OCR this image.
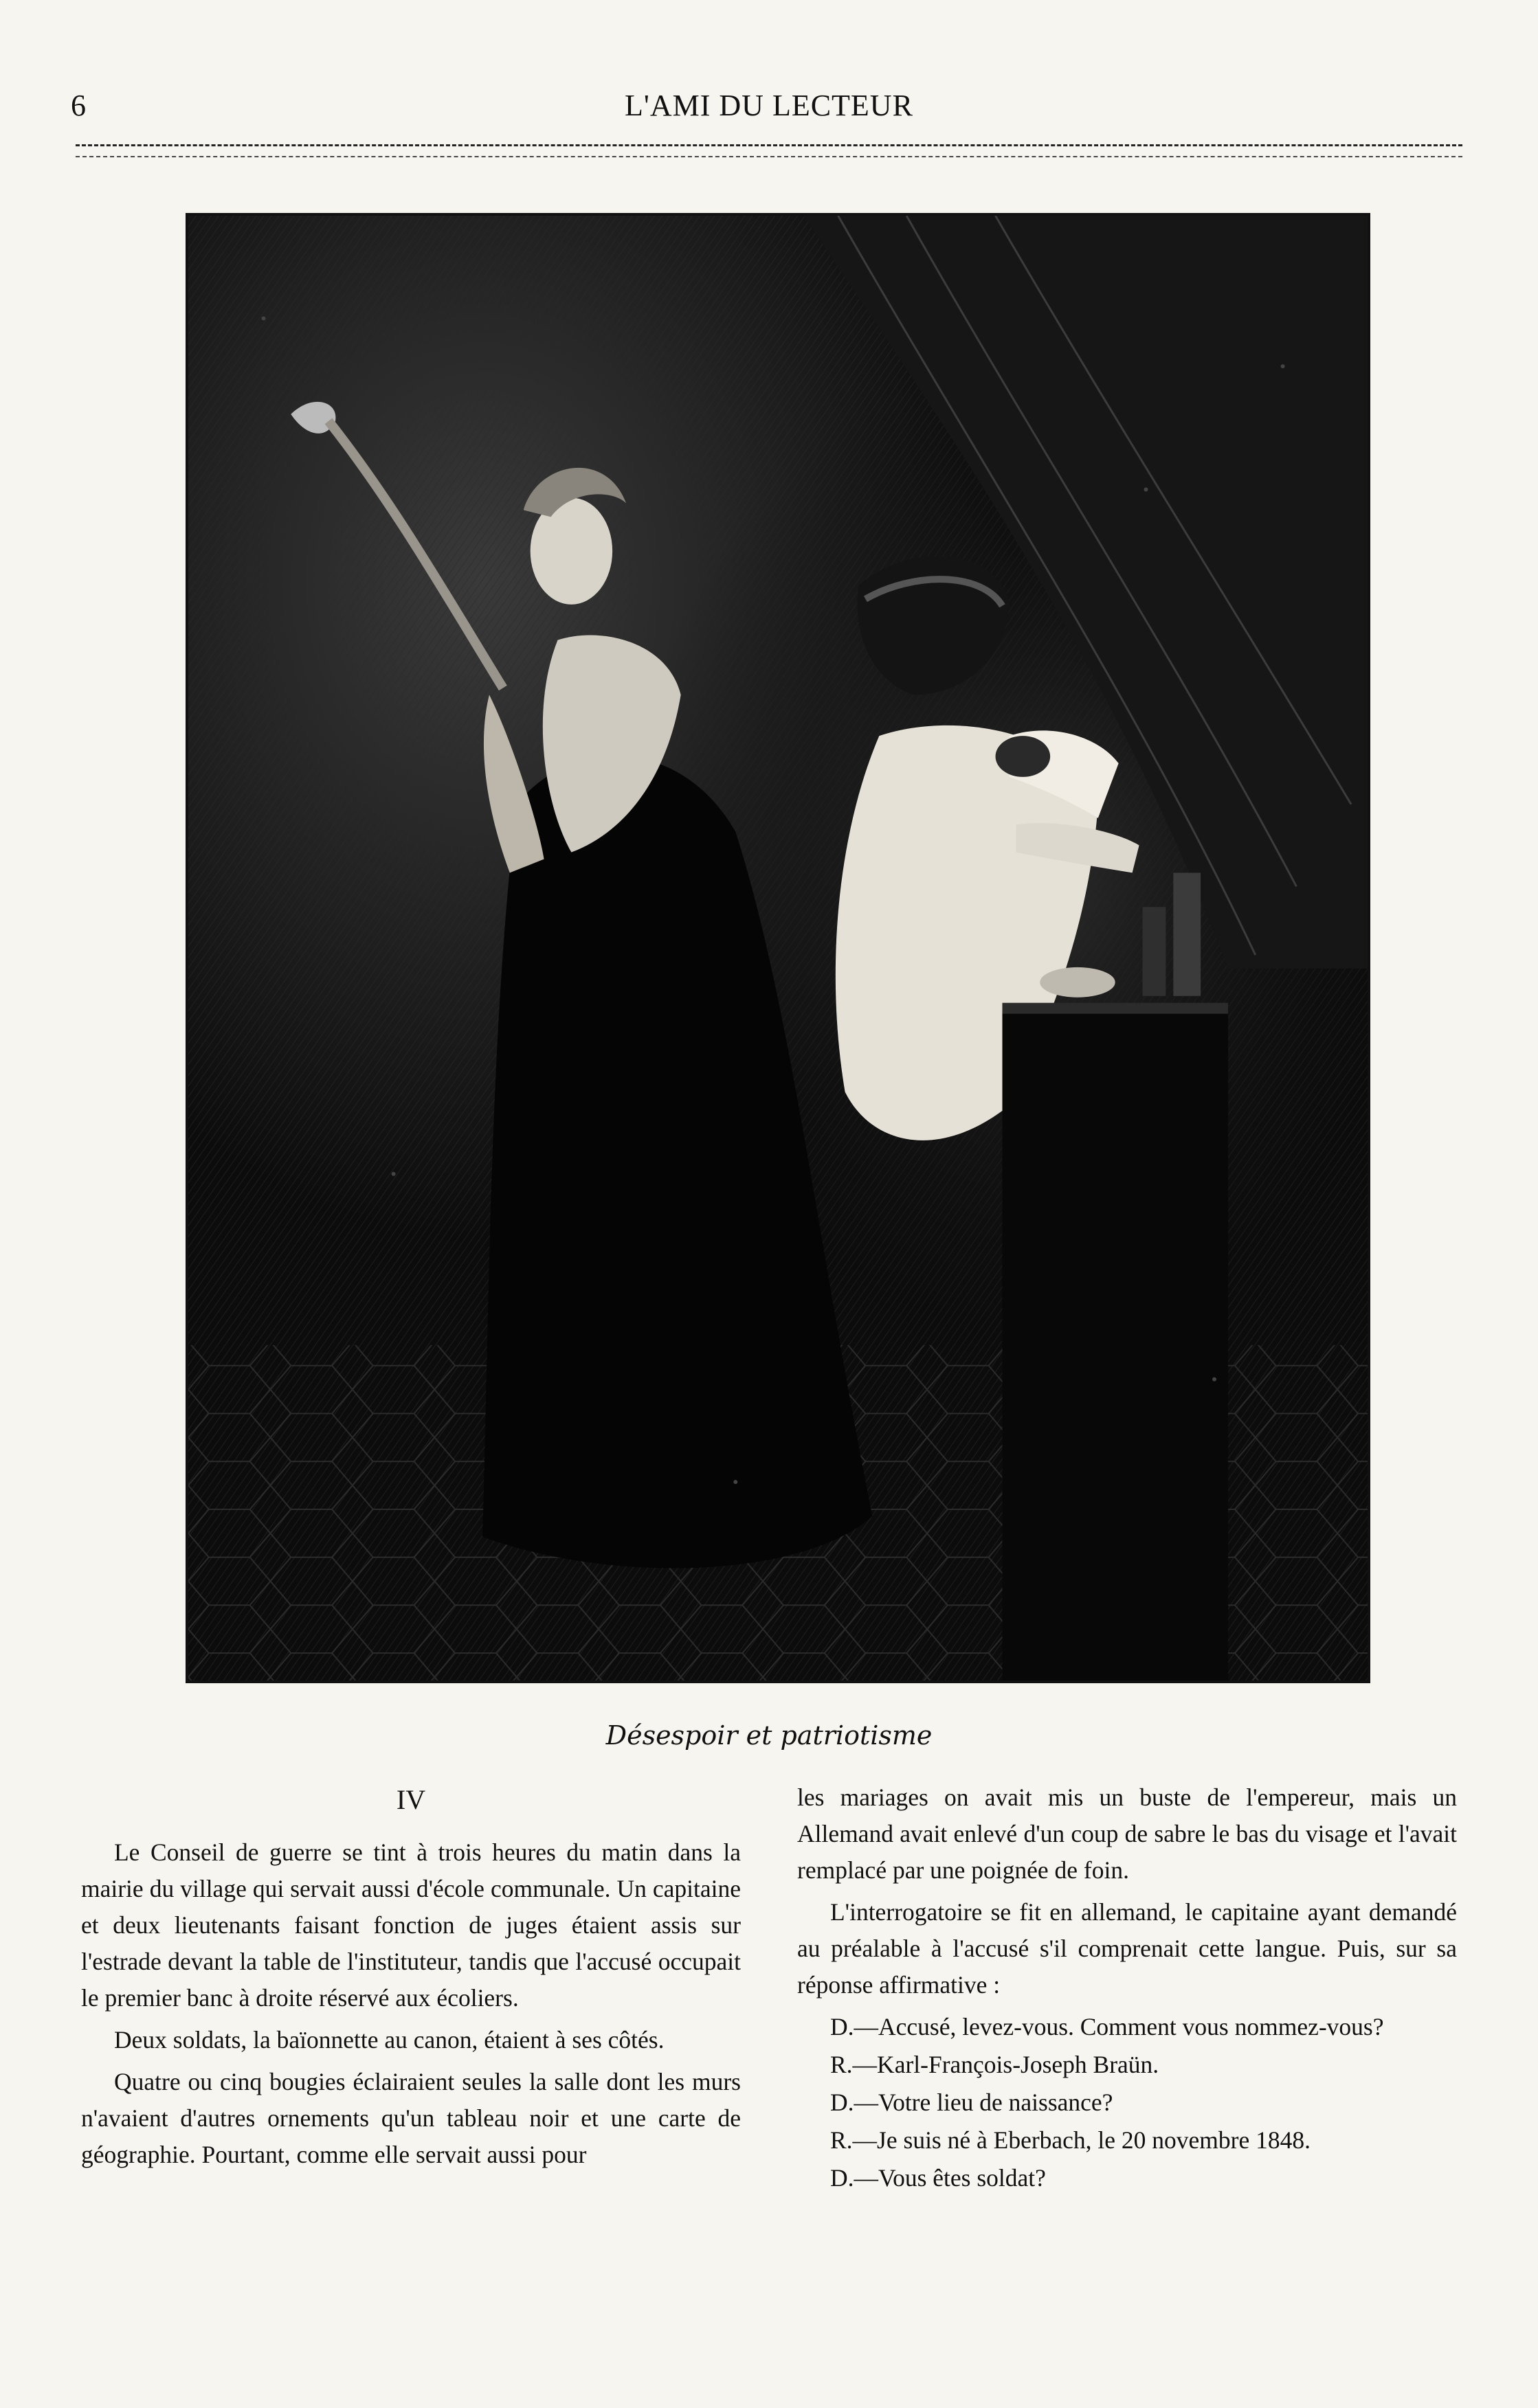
6	L'AMI DU LECTEUR
Désespoir et patriotisme
IV

Le Conseil de guerre se tint à trois heures du matin dans la mairie du village qui servait aussi d'école communale. Un capitaine et deux lieutenants faisant fonction de juges étaient assis sur l'estrade devant la table de l'instituteur, tandis que l'accusé occupait le premier banc à droite réservé aux écoliers.

Deux soldats, la baïonnette au canon, étaient à ses côtés.

Quatre ou cinq bougies éclairaient seules la salle dont les murs n'avaient d'autres ornements qu'un tableau noir et une carte de géographie. Pourtant, comme elle servait aussi pour

les mariages on avait mis un buste de l'empereur, mais un Allemand avait enlevé d'un coup de sabre le bas du visage et l'avait remplacé par une poignée de foin.

L'interrogatoire se fit en allemand, le capitaine ayant demandé au préalable à l'accusé s'il comprenait cette langue. Puis, sur sa réponse affirmative :

D.—Accusé, levez-vous. Comment vous nommez-vous?

R.—Karl-François-Joseph Braün.

D.—Votre lieu de naissance?

R.—Je suis né à Eberbach, le 20 novembre 1848.

D.—Vous êtes soldat?
